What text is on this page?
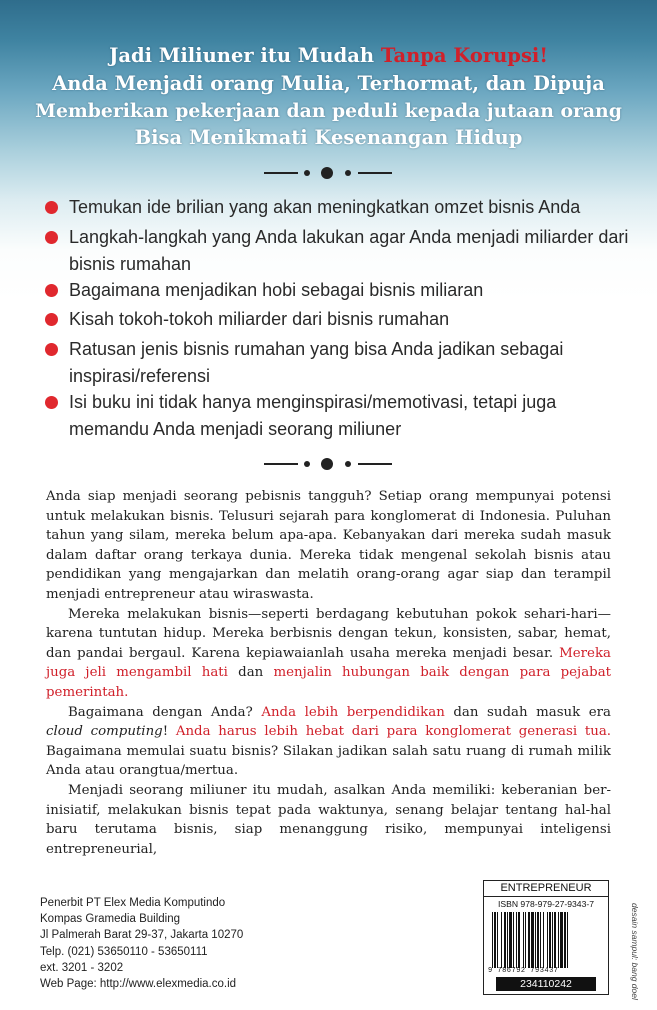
Jadi Miliuner itu Mudah Tanpa Korupsi!
Anda Menjadi orang Mulia, Terhormat, dan Dipuja
Memberikan pekerjaan dan peduli kepada jutaan orang
Bisa Menikmati Kesenangan Hidup
Temukan ide brilian yang akan meningkatkan omzet bisnis Anda
Langkah-langkah yang Anda lakukan agar Anda menjadi miliarder dari bisnis rumahan
Bagaimana menjadikan hobi sebagai bisnis miliaran
Kisah tokoh-tokoh miliarder dari bisnis rumahan
Ratusan jenis bisnis rumahan yang bisa Anda jadikan sebagai inspirasi/referensi
Isi buku ini tidak hanya menginspirasi/memotivasi, tetapi juga memandu Anda menjadi seorang miliuner

Anda siap menjadi seorang pebisnis tangguh? Setiap orang mempunyai potensi untuk melakukan bisnis. Telusuri sejarah para konglomerat di Indonesia. Puluhan tahun yang silam, mereka belum apa-apa. Kebanyakan dari mereka sudah masuk dalam daftar orang terkaya dunia. Mereka tidak mengenal sekolah bisnis atau pendidikan yang mengajarkan dan melatih orang-orang agar siap dan terampil menjadi entrepreneur atau wiraswasta.

Mereka melakukan bisnis—seperti berdagang kebutuhan pokok sehari-hari—karena tuntutan hidup. Mereka berbisnis dengan tekun, konsisten, sabar, hemat, dan pandai bergaul. Karena kepiawaianlah usaha mereka menjadi besar. Mereka juga jeli mengambil hati dan menjalin hubungan baik dengan para pejabat pemerintah.

Bagaimana dengan Anda? Anda lebih berpendidikan dan sudah masuk era cloud computing! Anda harus lebih hebat dari para konglomerat generasi tua. Bagaimana memulai suatu bisnis? Silakan jadikan salah satu ruang di rumah milik Anda atau orangtua/mertua.

Menjadi seorang miliuner itu mudah, asalkan Anda memiliki: keberanian ber-inisiatif, melakukan bisnis tepat pada waktunya, senang belajar tentang hal-hal baru terutama bisnis, siap menanggung risiko, mempunyai inteligensi entrepreneurial,

Penerbit PT Elex Media Komputindo
Kompas Gramedia Building
Jl Palmerah Barat 29-37, Jakarta 10270
Telp. (021) 53650110 - 53650111
ext. 3201 - 3202
Web Page: http://www.elexmedia.co.id
ENTREPRENEUR
ISBN 978-979-27-9343-7
9 786792 793437
234110242	desain sampul: bang doel
